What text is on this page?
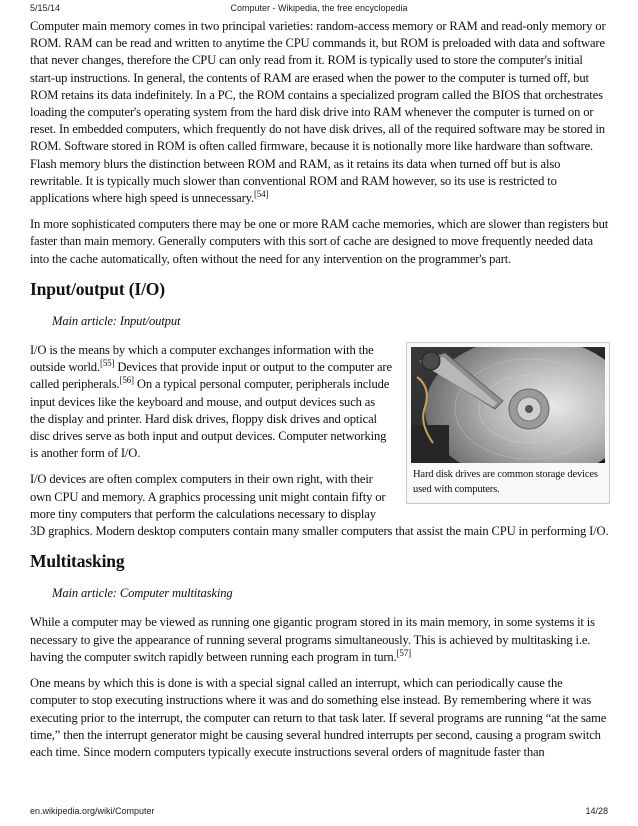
5/15/14	Computer - Wikipedia, the free encyclopedia

Computer main memory comes in two principal varieties: random-access memory or RAM and read-only memory or ROM. RAM can be read and written to anytime the CPU commands it, but ROM is preloaded with data and software that never changes, therefore the CPU can only read from it. ROM is typically used to store the computer's initial start-up instructions. In general, the contents of RAM are erased when the power to the computer is turned off, but ROM retains its data indefinitely. In a PC, the ROM contains a specialized program called the BIOS that orchestrates loading the computer's operating system from the hard disk drive into RAM whenever the computer is turned on or reset. In embedded computers, which frequently do not have disk drives, all of the required software may be stored in ROM. Software stored in ROM is often called firmware, because it is notionally more like hardware than software. Flash memory blurs the distinction between ROM and RAM, as it retains its data when turned off but is also rewritable. It is typically much slower than conventional ROM and RAM however, so its use is restricted to applications where high speed is unnecessary.[54]

In more sophisticated computers there may be one or more RAM cache memories, which are slower than registers but faster than main memory. Generally computers with this sort of cache are designed to move frequently needed data into the cache automatically, often without the need for any intervention on the programmer's part.

Input/output (I/O)
Main article: Input/output
Hard disk drives are common storage devices used with computers.

I/O is the means by which a computer exchanges information with the outside world.[55] Devices that provide input or output to the computer are called peripherals.[56] On a typical personal computer, peripherals include input devices like the keyboard and mouse, and output devices such as the display and printer. Hard disk drives, floppy disk drives and optical disc drives serve as both input and output devices. Computer networking is another form of I/O.

I/O devices are often complex computers in their own right, with their own CPU and memory. A graphics processing unit might contain fifty or more tiny computers that perform the calculations necessary to display 3D graphics. Modern desktop computers contain many smaller computers that assist the main CPU in performing I/O.

Multitasking
Main article: Computer multitasking

While a computer may be viewed as running one gigantic program stored in its main memory, in some systems it is necessary to give the appearance of running several programs simultaneously. This is achieved by multitasking i.e. having the computer switch rapidly between running each program in turn.[57]

One means by which this is done is with a special signal called an interrupt, which can periodically cause the computer to stop executing instructions where it was and do something else instead. By remembering where it was executing prior to the interrupt, the computer can return to that task later. If several programs are running “at the same time,” then the interrupt generator might be causing several hundred interrupts per second, causing a program switch each time. Since modern computers typically execute instructions several orders of magnitude faster than

en.wikipedia.org/wiki/Computer	14/28
